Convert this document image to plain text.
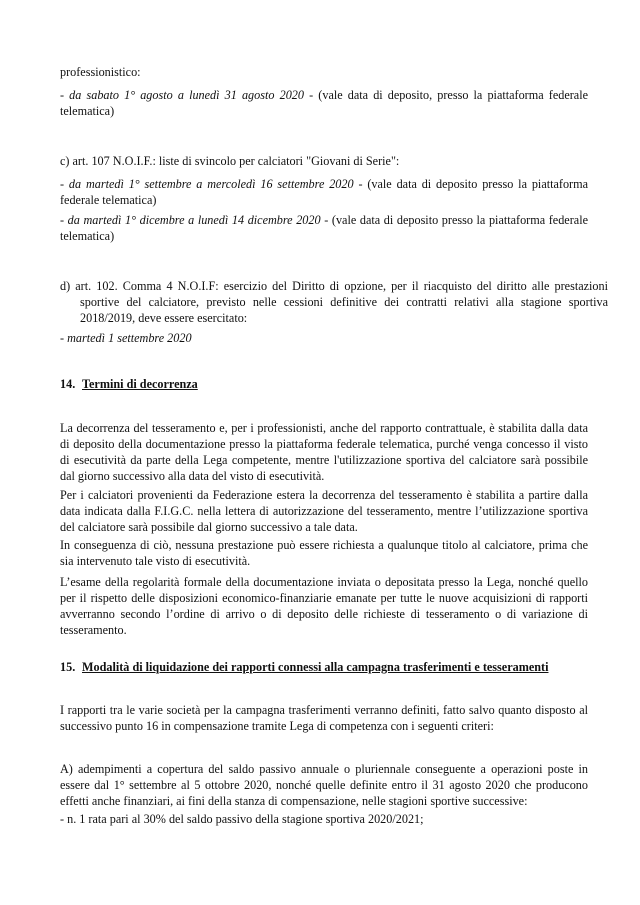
professionistico:

- da sabato 1° agosto a lunedì 31 agosto 2020 - (vale data di deposito, presso la piattaforma federale telematica)

c) art. 107 N.O.I.F.: liste di svincolo per calciatori "Giovani di Serie":

- da martedì 1° settembre a mercoledì 16 settembre 2020 - (vale data di deposito presso la piattaforma federale telematica)

- da martedì 1° dicembre a lunedì 14 dicembre 2020 - (vale data di deposito presso la piattaforma federale telematica)

d) art. 102. Comma 4 N.O.I.F: esercizio del Diritto di opzione, per il riacquisto del diritto alle prestazioni sportive del calciatore, previsto nelle cessioni definitive dei contratti relativi alla stagione sportiva 2018/2019, deve essere esercitato:

- martedì 1 settembre 2020

14. Termini di decorrenza

La decorrenza del tesseramento e, per i professionisti, anche del rapporto contrattuale, è stabilita dalla data di deposito della documentazione presso la piattaforma federale telematica, purché venga concesso il visto di esecutività da parte della Lega competente, mentre l'utilizzazione sportiva del calciatore sarà possibile dal giorno successivo alla data del visto di esecutività.

Per i calciatori provenienti da Federazione estera la decorrenza del tesseramento è stabilita a partire dalla data indicata dalla F.I.G.C. nella lettera di autorizzazione del tesseramento, mentre l’utilizzazione sportiva del calciatore sarà possibile dal giorno successivo a tale data.

In conseguenza di ciò, nessuna prestazione può essere richiesta a qualunque titolo al calciatore, prima che sia intervenuto tale visto di esecutività.

L’esame della regolarità formale della documentazione inviata o depositata presso la Lega, nonché quello per il rispetto delle disposizioni economico-finanziarie emanate per tutte le nuove acquisizioni di rapporti avverranno secondo l’ordine di arrivo o di deposito delle richieste di tesseramento o di variazione di tesseramento.

15. Modalità di liquidazione dei rapporti connessi alla campagna trasferimenti e tesseramenti

I rapporti tra le varie società per la campagna trasferimenti verranno definiti, fatto salvo quanto disposto al successivo punto 16 in compensazione tramite Lega di competenza con i seguenti criteri:

A) adempimenti a copertura del saldo passivo annuale o pluriennale conseguente a operazioni poste in essere dal 1° settembre al 5 ottobre 2020, nonché quelle definite entro il 31 agosto 2020 che producono effetti anche finanziari, ai fini della stanza di compensazione, nelle stagioni sportive successive:

- n. 1 rata pari al 30% del saldo passivo della stagione sportiva 2020/2021;
